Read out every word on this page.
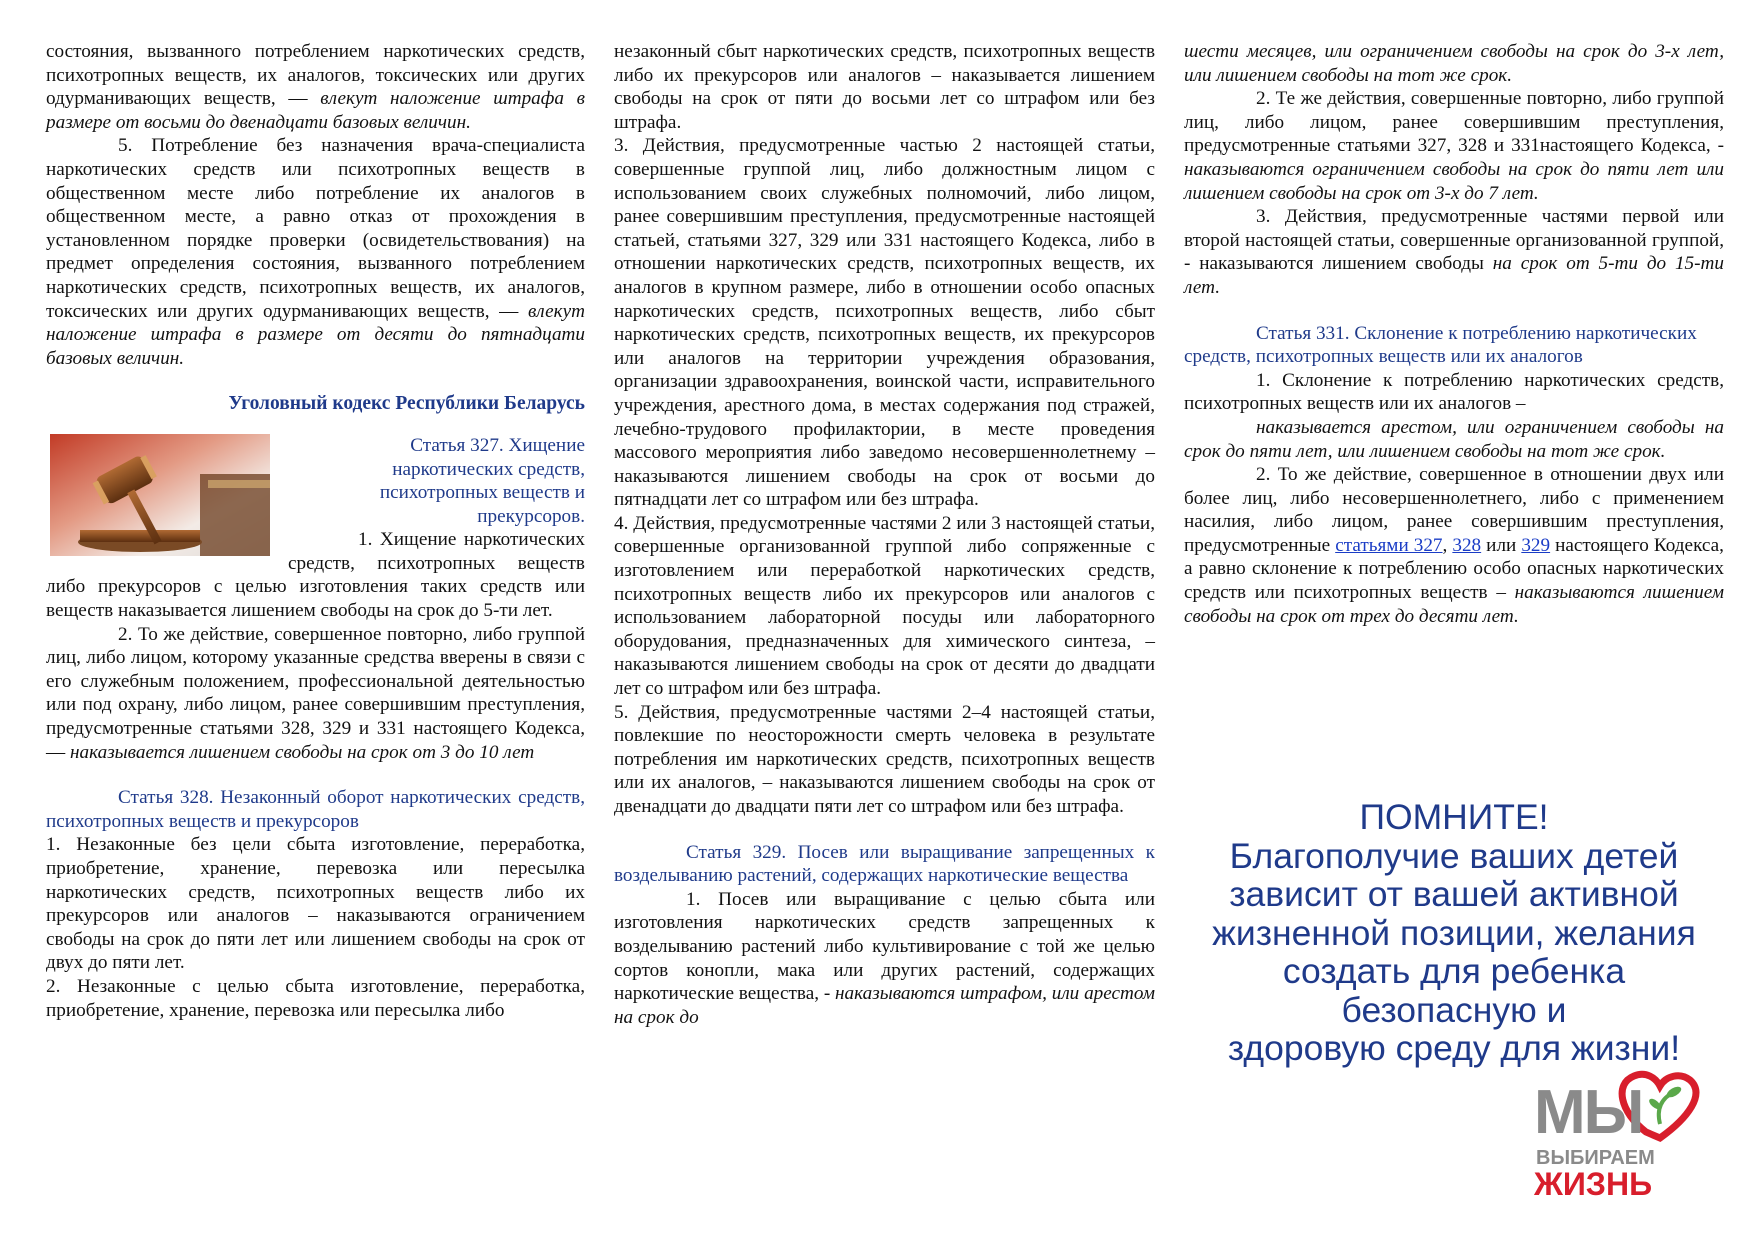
состояния, вызванного потреблением наркотических средств, психотропных веществ, их аналогов, токсических или других одурманивающих веществ, — влекут наложение штрафа в размере от восьми до двенадцати базовых величин.

5. Потребление без назначения врача-специалиста наркотических средств или психотропных веществ в общественном месте либо потребление их аналогов в общественном месте, а равно отказ от прохождения в установленном порядке проверки (освидетельствования) на предмет определения состояния, вызванного потреблением наркотических средств, психотропных веществ, их аналогов, токсических или других одурманивающих веществ, — влекут наложение штрафа в размере от десяти до пятнадцати базовых величин.

Уголовный кодекс Республики Беларусь

Статья 327. Хищение наркотических средств, психотропных веществ и прекурсоров.

1. Хищение наркотических средств, психотропных веществ либо прекурсоров с целью изготовления таких средств или веществ наказывается лишением свободы на срок до 5-ти лет.

2. То же действие, совершенное повторно, либо группой лиц, либо лицом, которому указанные средства вверены в связи с его служебным положением, профессиональной деятельностью или под охрану, либо лицом, ранее совершившим преступления, предусмотренные статьями 328, 329 и 331 настоящего Кодекса, — наказывается лишением свободы на срок от 3 до 10 лет

Статья 328. Незаконный оборот наркотических средств, психотропных веществ и прекурсоров

1. Незаконные без цели сбыта изготовление, переработка, приобретение, хранение, перевозка или пересылка наркотических средств, психотропных веществ либо их прекурсоров или аналогов – наказываются ограничением свободы на срок до пяти лет или лишением свободы на срок от двух до пяти лет.

2. Незаконные с целью сбыта изготовление, переработка, приобретение, хранение, перевозка или пересылка либо

незаконный сбыт наркотических средств, психотропных веществ либо их прекурсоров или аналогов – наказывается лишением свободы на срок от пяти до восьми лет со штрафом или без штрафа.

3. Действия, предусмотренные частью 2 настоящей статьи, совершенные группой лиц, либо должностным лицом с использованием своих служебных полномочий, либо лицом, ранее совершившим преступления, предусмотренные настоящей статьей, статьями 327, 329 или 331 настоящего Кодекса, либо в отношении наркотических средств, психотропных веществ, их аналогов в крупном размере, либо в отношении особо опасных наркотических средств, психотропных веществ, либо сбыт наркотических средств, психотропных веществ, их прекурсоров или аналогов на территории учреждения образования, организации здравоохранения, воинской части, исправительного учреждения, арестного дома, в местах содержания под стражей, лечебно-трудового профилактории, в месте проведения массового мероприятия либо заведомо несовершеннолетнему – наказываются лишением свободы на срок от восьми до пятнадцати лет со штрафом или без штрафа.

4. Действия, предусмотренные частями 2 или 3 настоящей статьи, совершенные организованной группой либо сопряженные с изготовлением или переработкой наркотических средств, психотропных веществ либо их прекурсоров или аналогов с использованием лабораторной посуды или лабораторного оборудования, предназначенных для химического синтеза, – наказываются лишением свободы на срок от десяти до двадцати лет со штрафом или без штрафа.

5. Действия, предусмотренные частями 2–4 настоящей статьи, повлекшие по неосторожности смерть человека в результате потребления им наркотических средств, психотропных веществ или их аналогов, – наказываются лишением свободы на срок от двенадцати до двадцати пяти лет со штрафом или без штрафа.

Статья 329. Посев или выращивание запрещенных к возделыванию растений, содержащих наркотические вещества

1. Посев или выращивание с целью сбыта или изготовления наркотических средств запрещенных к возделыванию растений либо культивирование с той же целью сортов конопли, мака или других растений, содержащих наркотические вещества, - наказываются штрафом, или арестом на срок до

шести месяцев, или ограничением свободы на срок до 3-х лет, или лишением свободы на тот же срок.

2. Те же действия, совершенные повторно, либо группой лиц, либо лицом, ранее совершившим преступления, предусмотренные статьями 327, 328 и 331настоящего Кодекса, - наказываются ограничением свободы на срок до пяти лет или лишением свободы на срок от 3-х до 7 лет.

3. Действия, предусмотренные частями первой или второй настоящей статьи, совершенные организованной группой, - наказываются лишением свободы на срок от 5-ти до 15-ти лет.

Статья 331. Склонение к потреблению наркотических средств, психотропных веществ или их аналогов

1. Склонение к потреблению наркотических средств, психотропных веществ или их аналогов –

наказывается арестом, или ограничением свободы на срок до пяти лет, или лишением свободы на тот же срок.

2. То же действие, совершенное в отношении двух или более лиц, либо несовершеннолетнего, либо с применением насилия, либо лицом, ранее совершившим преступления, предусмотренные статьями 327, 328 или 329 настоящего Кодекса, а равно склонение к потреблению особо опасных наркотических средств или психотропных веществ – наказываются лишением свободы на срок от трех до десяти лет.

ПОМНИТЕ!
Благополучие ваших детей
зависит от вашей активной
жизненной позиции, желания
создать для ребенка безопасную и
здоровую среду для жизни!
МЫ
ВЫБИРАЕМ
ЖИЗНЬ
